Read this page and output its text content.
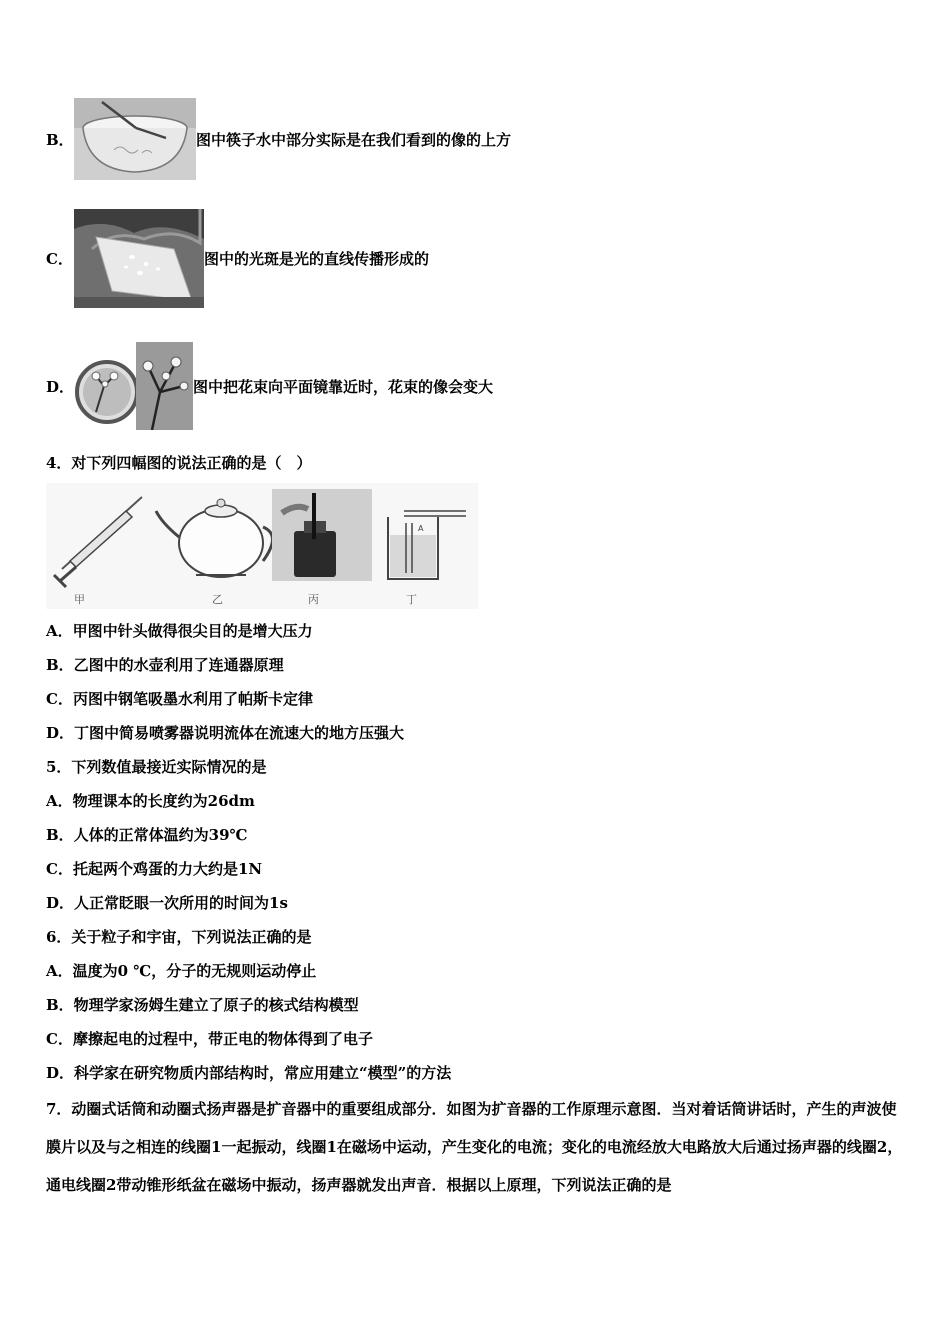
B．	图中筷子水中部分实际是在我们看到的像的上方
C．	图中的光斑是光的直线传播形成的
D．	图中把花束向平面镜靠近时，花束的像会变大
4．对下列四幅图的说法正确的是（　）
甲	乙	丙
A
丁
A．甲图中针头做得很尖目的是增大压力
B．乙图中的水壶利用了连通器原理
C．丙图中钢笔吸墨水利用了帕斯卡定律
D．丁图中简易喷雾器说明流体在流速大的地方压强大
5．下列数值最接近实际情况的是
A．物理课本的长度约为26dm
B．人体的正常体温约为39℃
C．托起两个鸡蛋的力大约是1N
D．人正常眨眼一次所用的时间为1s
6．关于粒子和宇宙，下列说法正确的是
A．温度为0 ℃，分子的无规则运动停止
B．物理学家汤姆生建立了原子的核式结构模型
C．摩擦起电的过程中，带正电的物体得到了电子
D．科学家在研究物质内部结构时，常应用建立“模型”的方法
7．动圈式话筒和动圈式扬声器是扩音器中的重要组成部分．如图为扩音器的工作原理示意图．当对着话筒讲话时，产生的声波使膜片以及与之相连的线圈1一起振动，线圈1在磁场中运动，产生变化的电流；变化的电流经放大电路放大后通过扬声器的线圈2，通电线圈2带动锥形纸盆在磁场中振动，扬声器就发出声音．根据以上原理，下列说法正确的是
